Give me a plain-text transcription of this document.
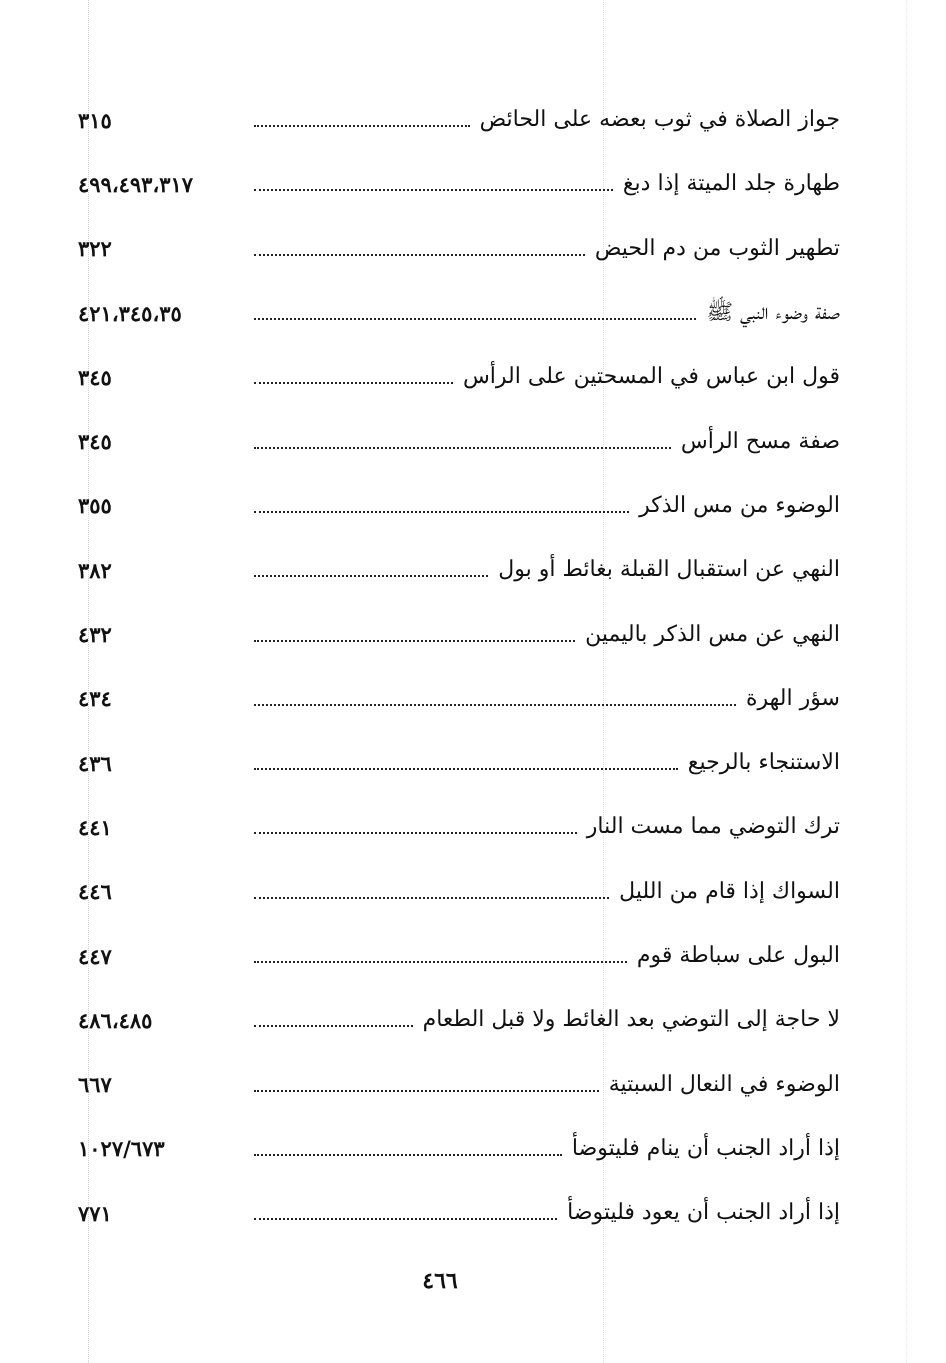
جواز الصلاة في ثوب بعضه على الحائض
٣١٥
طهارة جلد الميتة إذا دبغ
٤٩٩،٤٩٣،٣١٧
تطهير الثوب من دم الحيض
٣٢٢
صفة وضوء النبي ﷺ
٤٢١،٣٤٥،٣٥
قول ابن عباس في المسحتين على الرأس
٣٤٥
صفة مسح الرأس
٣٤٥
الوضوء من مس الذكر
٣٥٥
النهي عن استقبال القبلة بغائط أو بول
٣٨٢
النهي عن مس الذكر باليمين
٤٣٢
سؤر الهرة
٤٣٤
الاستنجاء بالرجيع
٤٣٦
ترك التوضي مما مست النار
٤٤١
السواك إذا قام من الليل
٤٤٦
البول على سباطة قوم
٤٤٧
لا حاجة إلى التوضي بعد الغائط ولا قبل الطعام
٤٨٦،٤٨٥
الوضوء في النعال السبتية
٦٦٧
إذا أراد الجنب أن ينام فليتوضأ
١٠٢٧/٦٧٣
إذا أراد الجنب أن يعود فليتوضأ
٧٧١
٤٦٦
